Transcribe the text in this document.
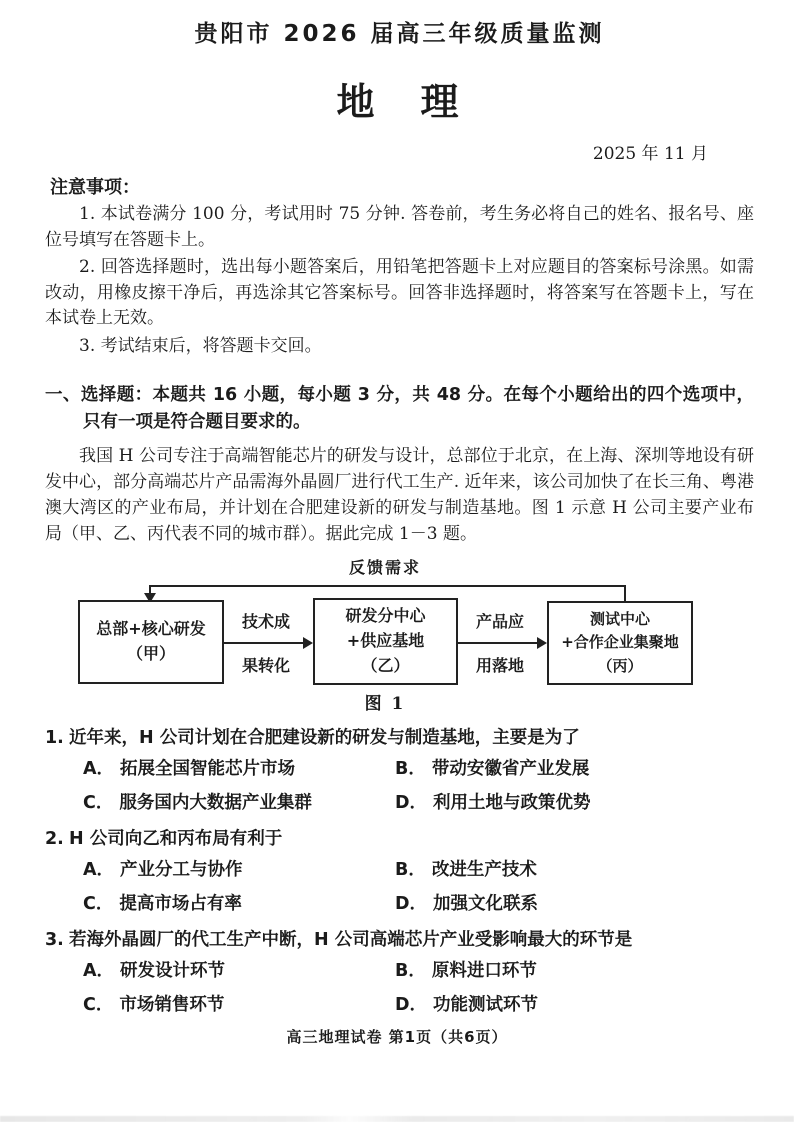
贵阳市 2026 届高三年级质量监测
地　理
2025 年 11 月
注意事项：

1. 本试卷满分 100 分，考试用时 75 分钟. 答卷前，考生务必将自己的姓名、报名号、座位号填写在答题卡上。

2. 回答选择题时，选出每小题答案后，用铅笔把答题卡上对应题目的答案标号涂黑。如需改动，用橡皮擦干净后，再选涂其它答案标号。回答非选择题时，将答案写在答题卡上，写在本试卷上无效。

3. 考试结束后，将答题卡交回。

一、选择题：本题共 16 小题，每小题 3 分，共 48 分。在每个小题给出的四个选项中，只有一项是符合题目要求的。

我国 H 公司专注于高端智能芯片的研发与设计，总部位于北京，在上海、深圳等地设有研发中心，部分高端芯片产品需海外晶圆厂进行代工生产. 近年来，该公司加快了在长三角、粤港澳大湾区的产业布局，并计划在合肥建设新的研发与制造基地。图 1 示意 H 公司主要产业布局（甲、乙、丙代表不同的城市群）。据此完成 1－3 题。

反馈需求
总部+核心研发
（甲）
技术成
果转化
研发分中心
+供应基地
（乙）
产品应
用落地
测试中心
+合作企业集聚地
（丙）
图 1
1. 近年来，H 公司计划在合肥建设新的研发与制造基地，主要是为了
A． 拓展全国智能芯片市场	B． 带动安徽省产业发展
C． 服务国内大数据产业集群	D． 利用土地与政策优势
2. H 公司向乙和丙布局有利于
A． 产业分工与协作	B． 改进生产技术
C． 提高市场占有率	D． 加强文化联系
3. 若海外晶圆厂的代工生产中断，H 公司高端芯片产业受影响最大的环节是
A． 研发设计环节	B． 原料进口环节
C． 市场销售环节	D． 功能测试环节
高三地理试卷 第1页（共6页）
